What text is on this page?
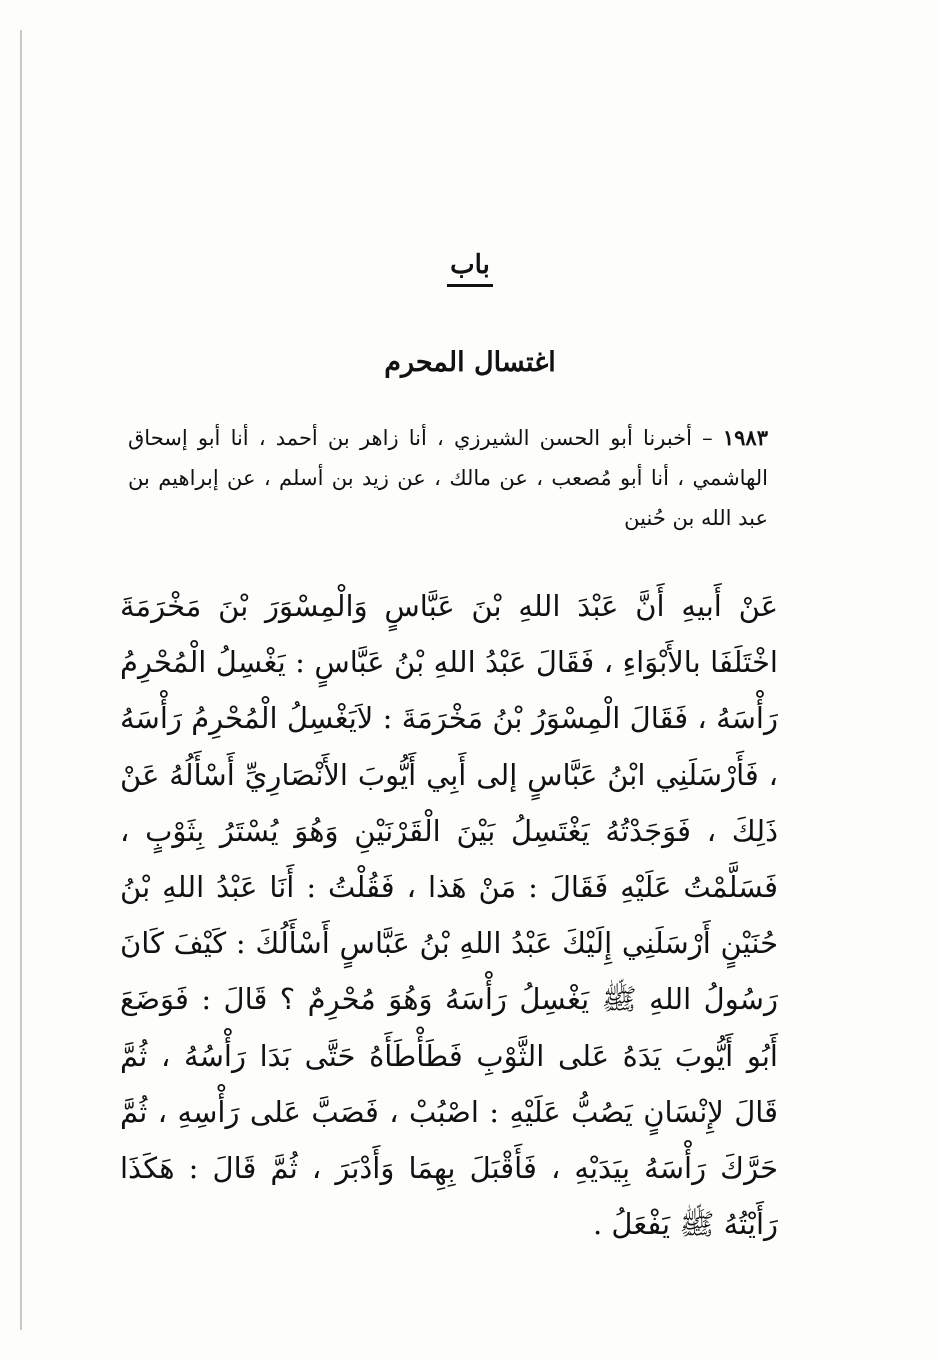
باب
اغتسال المحرم
١٩٨٣ – أخبرنا أبو الحسن الشيرزي ، أنا زاهر بن أحمد ، أنا أبو إسحاق الهاشمي ، أنا أبو مُصعب ، عن مالك ، عن زيد بن أسلم ، عن إبراهيم بن عبد الله بن حُنين
عَنْ أَبيهِ أَنَّ عَبْدَ اللهِ بْنَ عَبَّاسٍ وَالْمِسْوَرَ بْنَ مَخْرَمَةَ اخْتَلَفَا بالأَبْوَاءِ ، فَقَالَ عَبْدُ اللهِ بْنُ عَبَّاسٍ : يَغْسِلُ الْمُحْرِمُ رَأْسَهُ ، فَقَالَ الْمِسْوَرُ بْنُ مَخْرَمَةَ : لاَيَغْسِلُ الْمُحْرِمُ رَأْسَهُ ، فَأَرْسَلَنِي ابْنُ عَبَّاسٍ إلى أَبِي أَيُّوبَ الأَنْصَارِيِّ أَسْأَلُهُ عَنْ ذَلِكَ ، فَوَجَدْتُهُ يَغْتَسِلُ بَيْنَ الْقَرْنَيْنِ وَهُوَ يُسْتَرُ بِثَوْبٍ ، فَسَلَّمْتُ عَلَيْهِ فَقَالَ : مَنْ هَذا ، فَقُلْتُ : أَنَا عَبْدُ اللهِ بْنُ حُنَيْنٍ أَرْسَلَنِي إِلَيْكَ عَبْدُ اللهِ بْنُ عَبَّاسٍ أَسْأَلُكَ : كَيْفَ كَانَ رَسُولُ اللهِ ﷺ يَغْسِلُ رَأْسَهُ وَهُوَ مُحْرِمٌ ؟ قَالَ : فَوَضَعَ أَبُو أَيُّوبَ يَدَهُ عَلى الثَّوْبِ فَطَأْطَأَهُ حَتَّى بَدَا رَأْسُهُ ، ثُمَّ قَالَ لإِنْسَانٍ يَصُبُّ عَلَيْهِ : اصْبُبْ ، فَصَبَّ عَلى رَأْسِهِ ، ثُمَّ حَرَّكَ رَأْسَهُ بِيَدَيْهِ ، فَأَقْبَلَ بِهِمَا وَأَدْبَرَ ، ثُمَّ قَالَ : هَكَذَا رَأَيْتُهُ ﷺ يَفْعَلُ .
